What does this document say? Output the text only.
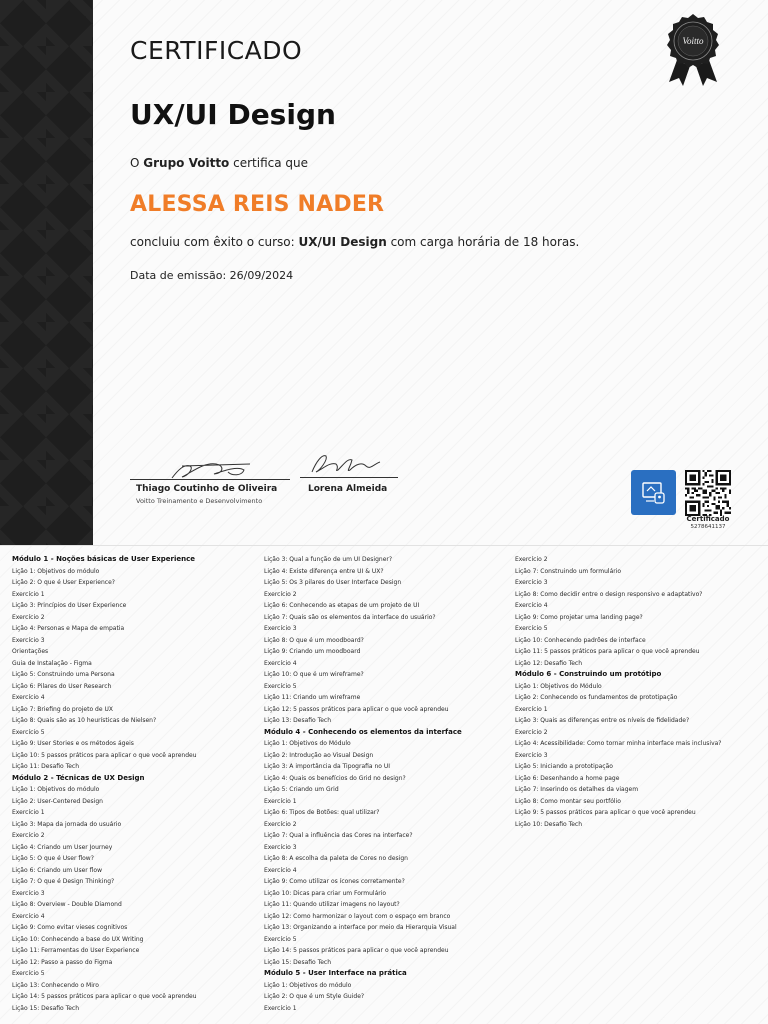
CERTIFICADO	Voitto
UX/UI Design
O Grupo Voitto certifica que
ALESSA REIS NADER
concluiu com êxito o curso: UX/UI Design com carga horária de 18 horas.
Data de emissão: 26/09/2024
Thiago Coutinho de Oliveira
Voitto Treinamento e Desenvolvimento
Lorena Almeida
Certificado
5278641137
Módulo 1 - Noções básicas de User Experience
Lição 1: Objetivos do módulo
Lição 2: O que é User Experience?
Exercício 1
Lição 3: Princípios do User Experience
Exercício 2
Lição 4: Personas e Mapa de empatia
Exercício 3
Orientações
Guia de Instalação - Figma
Lição 5: Construindo uma Persona
Lição 6: Pilares do User Research
Exercício 4
Lição 7: Briefing do projeto de UX
Lição 8: Quais são as 10 heurísticas de Nielsen?
Exercício 5
Lição 9: User Stories e os métodos ágeis
Lição 10: 5 passos práticos para aplicar o que você aprendeu
Lição 11: Desafio Tech
Módulo 2 - Técnicas de UX Design
Lição 1: Objetivos do módulo
Lição 2: User-Centered Design
Exercício 1
Lição 3: Mapa da jornada do usuário
Exercício 2
Lição 4: Criando um User Journey
Lição 5: O que é User flow?
Lição 6: Criando um User flow
Lição 7: O que é Design Thinking?
Exercício 3
Lição 8: Overview - Double Diamond
Exercício 4
Lição 9: Como evitar vieses cognitivos
Lição 10: Conhecendo a base do UX Writing
Lição 11: Ferramentas do User Experience
Lição 12: Passo a passo do Figma
Exercício 5
Lição 13: Conhecendo o Miro
Lição 14: 5 passos práticos para aplicar o que você aprendeu
Lição 15: Desafio Tech
Lição 3: Qual a função de um UI Designer?
Lição 4: Existe diferença entre UI & UX?
Lição 5: Os 3 pilares do User Interface Design
Exercício 2
Lição 6: Conhecendo as etapas de um projeto de UI
Lição 7: Quais são os elementos da interface do usuário?
Exercício 3
Lição 8: O que é um moodboard?
Lição 9: Criando um moodboard
Exercício 4
Lição 10: O que é um wireframe?
Exercício 5
Lição 11: Criando um wireframe
Lição 12: 5 passos práticos para aplicar o que você aprendeu
Lição 13: Desafio Tech
Módulo 4 - Conhecendo os elementos da interface
Lição 1: Objetivos do Módulo
Lição 2: Introdução ao Visual Design
Lição 3: A importância da Tipografia no UI
Lição 4: Quais os benefícios do Grid no design?
Lição 5: Criando um Grid
Exercício 1
Lição 6: Tipos de Botões: qual utilizar?
Exercício 2
Lição 7: Qual a influência das Cores na interface?
Exercício 3
Lição 8: A escolha da paleta de Cores no design
Exercício 4
Lição 9: Como utilizar os ícones corretamente?
Lição 10: Dicas para criar um Formulário
Lição 11: Quando utilizar imagens no layout?
Lição 12: Como harmonizar o layout com o espaço em branco
Lição 13: Organizando a interface por meio da Hierarquia Visual
Exercício 5
Lição 14: 5 passos práticos para aplicar o que você aprendeu
Lição 15: Desafio Tech
Módulo 5 - User Interface na prática
Lição 1: Objetivos do módulo
Lição 2: O que é um Style Guide?
Exercício 1
Exercício 2
Lição 7: Construindo um formulário
Exercício 3
Lição 8: Como decidir entre o design responsivo e adaptativo?
Exercício 4
Lição 9: Como projetar uma landing page?
Exercício 5
Lição 10: Conhecendo padrões de interface
Lição 11: 5 passos práticos para aplicar o que você aprendeu
Lição 12: Desafio Tech
Módulo 6 - Construindo um protótipo
Lição 1: Objetivos do Módulo
Lição 2: Conhecendo os fundamentos de prototipação
Exercício 1
Lição 3: Quais as diferenças entre os níveis de fidelidade?
Exercício 2
Lição 4: Acessibilidade: Como tornar minha interface mais inclusiva?
Exercício 3
Lição 5: Iniciando a prototipação
Lição 6: Desenhando a home page
Lição 7: Inserindo os detalhes da viagem
Lição 8: Como montar seu portfólio
Lição 9: 5 passos práticos para aplicar o que você aprendeu
Lição 10: Desafio Tech
